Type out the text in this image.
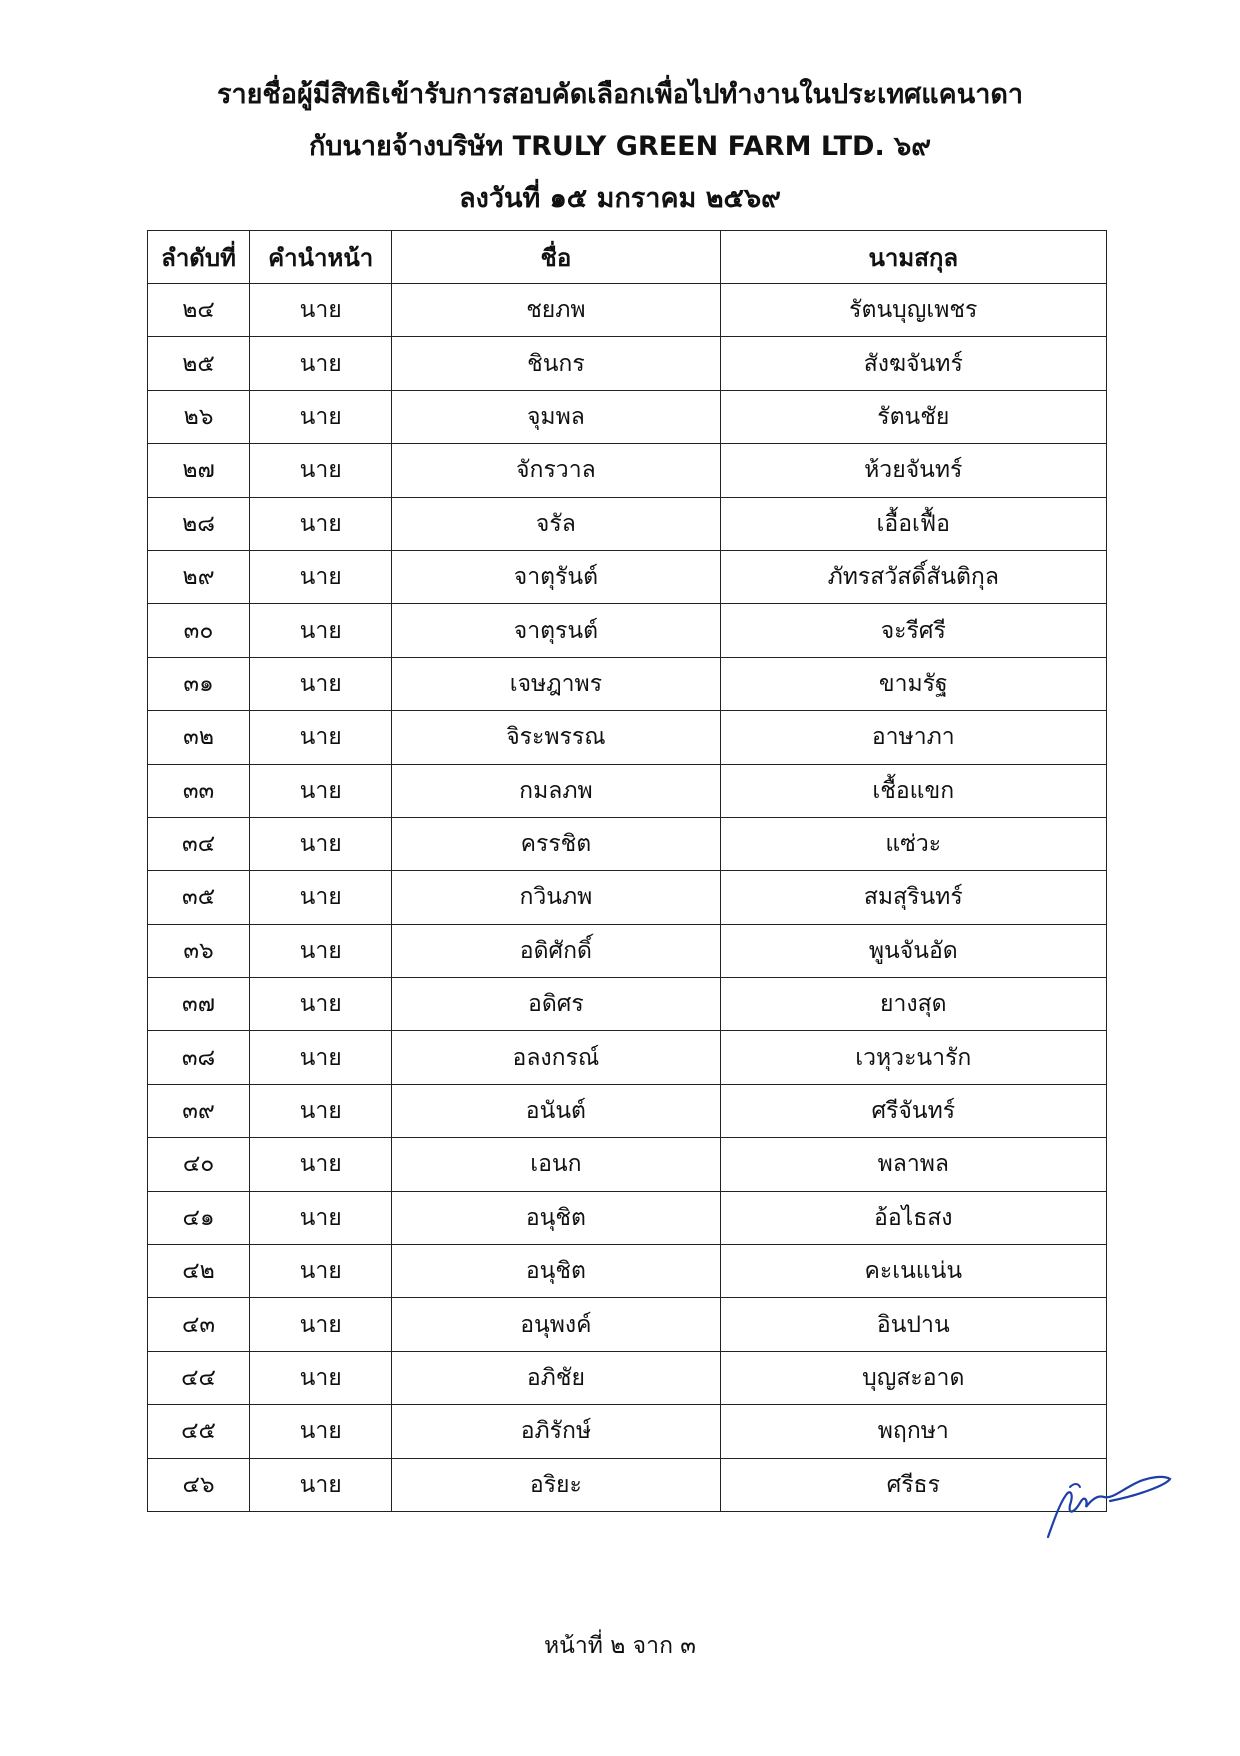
รายชื่อผู้มีสิทธิเข้ารับการสอบคัดเลือกเพื่อไปทำงานในประเทศแคนาดา
กับนายจ้างบริษัท TRULY GREEN FARM LTD. ๖๙
ลงวันที่ ๑๕ มกราคม ๒๕๖๙
ลำดับที่	คำนำหน้า	ชื่อ	นามสกุล
๒๔	นาย	ชยภพ	รัตนบุญเพชร
๒๕	นาย	ชินกร	สังฆจันทร์
๒๖	นาย	จุมพล	รัตนชัย
๒๗	นาย	จักรวาล	ห้วยจันทร์
๒๘	นาย	จรัล	เอื้อเฟื้อ
๒๙	นาย	จาตุรันต์	ภัทรสวัสดิ์สันติกุล
๓๐	นาย	จาตุรนต์	จะรีศรี
๓๑	นาย	เจษฎาพร	ขามรัฐ
๓๒	นาย	จิระพรรณ	อาษาภา
๓๓	นาย	กมลภพ	เชื้อแขก
๓๔	นาย	ครรชิต	แซ่วะ
๓๕	นาย	กวินภพ	สมสุรินทร์
๓๖	นาย	อดิศักดิ์	พูนจันอัด
๓๗	นาย	อดิศร	ยางสุด
๓๘	นาย	อลงกรณ์	เวหุวะนารัก
๓๙	นาย	อนันต์	ศรีจันทร์
๔๐	นาย	เอนก	พลาพล
๔๑	นาย	อนุชิต	อ้อไธสง
๔๒	นาย	อนุชิต	คะเนแน่น
๔๓	นาย	อนุพงค์	อินปาน
๔๔	นาย	อภิชัย	บุญสะอาด
๔๕	นาย	อภิรักษ์	พฤกษา
๔๖	นาย	อริยะ	ศรีธร
หน้าที่ ๒ จาก ๓
